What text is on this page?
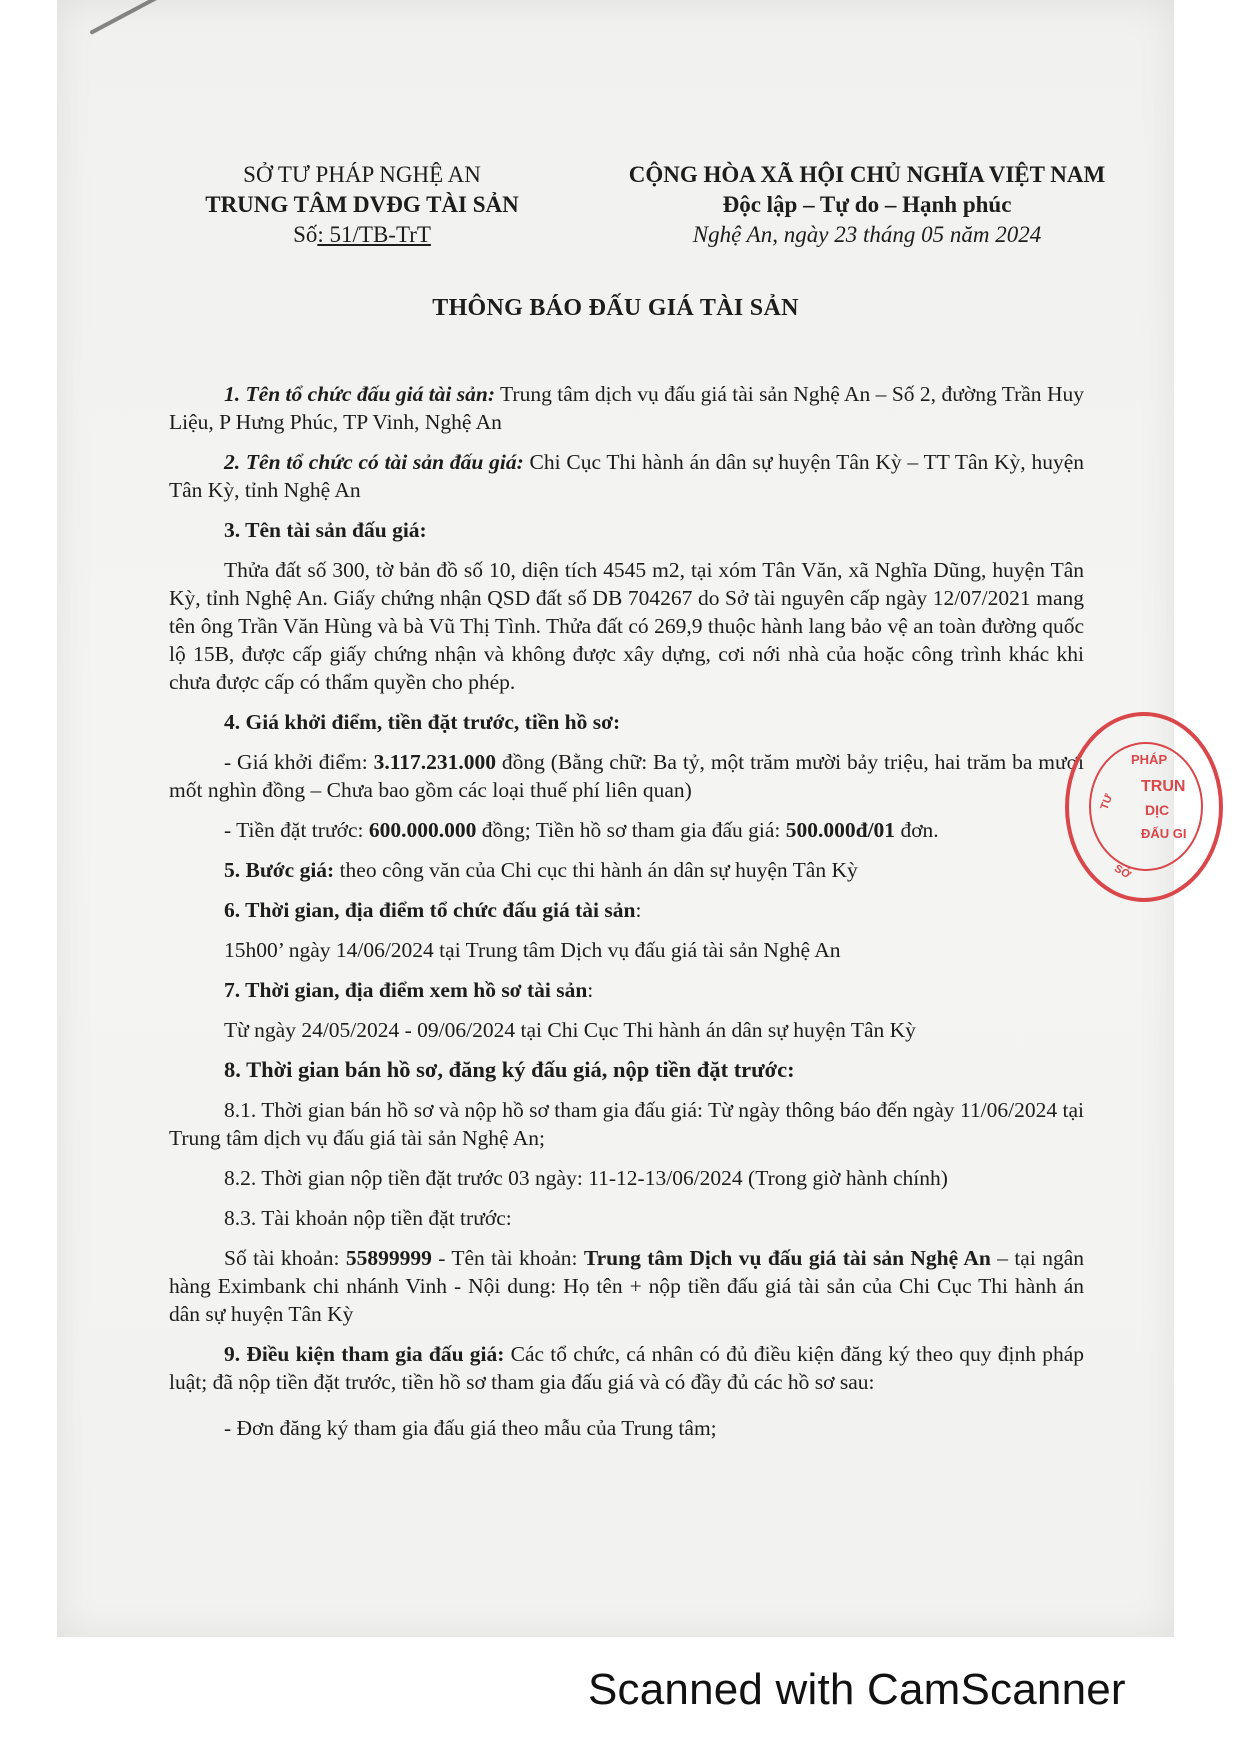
SỞ TƯ PHÁP NGHỆ AN
TRUNG TÂM DVĐG TÀI SẢN
Số: 51/TB-TrT
CỘNG HÒA XÃ HỘI CHỦ NGHĨA VIỆT NAM
Độc lập – Tự do – Hạnh phúc
Nghệ An, ngày 23 tháng 05 năm 2024
THÔNG BÁO ĐẤU GIÁ TÀI SẢN

1. Tên tổ chức đấu giá tài sản: Trung tâm dịch vụ đấu giá tài sản Nghệ An – Số 2, đường Trần Huy Liệu, P Hưng Phúc, TP Vinh, Nghệ An

2. Tên tổ chức có tài sản đấu giá: Chi Cục Thi hành án dân sự huyện Tân Kỳ – TT Tân Kỳ, huyện Tân Kỳ, tỉnh Nghệ An

3. Tên tài sản đấu giá:

Thửa đất số 300, tờ bản đồ số 10, diện tích 4545 m2, tại xóm Tân Văn, xã Nghĩa Dũng, huyện Tân Kỳ, tỉnh Nghệ An. Giấy chứng nhận QSD đất số DB 704267 do Sở tài nguyên cấp ngày 12/07/2021 mang tên ông Trần Văn Hùng và bà Vũ Thị Tình. Thửa đất có 269,9 thuộc hành lang bảo vệ an toàn đường quốc lộ 15B, được cấp giấy chứng nhận và không được xây dựng, cơi nới nhà của hoặc công trình khác khi chưa được cấp có thẩm quyền cho phép.

4. Giá khởi điểm, tiền đặt trước, tiền hồ sơ:

- Giá khởi điểm: 3.117.231.000 đồng (Bằng chữ: Ba tỷ, một trăm mười bảy triệu, hai trăm ba mươi mốt nghìn đồng – Chưa bao gồm các loại thuế phí liên quan)

- Tiền đặt trước: 600.000.000 đồng; Tiền hồ sơ tham gia đấu giá: 500.000đ/01 đơn.

5. Bước giá: theo công văn của Chi cục thi hành án dân sự huyện Tân Kỳ

6. Thời gian, địa điểm tổ chức đấu giá tài sản:

15h00’ ngày 14/06/2024 tại Trung tâm Dịch vụ đấu giá tài sản Nghệ An

7. Thời gian, địa điểm xem hồ sơ tài sản:

Từ ngày 24/05/2024 - 09/06/2024 tại Chi Cục Thi hành án dân sự huyện Tân Kỳ

8. Thời gian bán hồ sơ, đăng ký đấu giá, nộp tiền đặt trước:

8.1. Thời gian bán hồ sơ và nộp hồ sơ tham gia đấu giá: Từ ngày thông báo đến ngày 11/06/2024 tại Trung tâm dịch vụ đấu giá tài sản Nghệ An;

8.2. Thời gian nộp tiền đặt trước 03 ngày: 11-12-13/06/2024 (Trong giờ hành chính)

8.3. Tài khoản nộp tiền đặt trước:

Số tài khoản: 55899999 - Tên tài khoản: Trung tâm Dịch vụ đấu giá tài sản Nghệ An – tại ngân hàng Eximbank chi nhánh Vinh - Nội dung: Họ tên + nộp tiền đấu giá tài sản của Chi Cục Thi hành án dân sự huyện Tân Kỳ

9. Điều kiện tham gia đấu giá: Các tổ chức, cá nhân có đủ điều kiện đăng ký theo quy định pháp luật; đã nộp tiền đặt trước, tiền hồ sơ tham gia đấu giá và có đầy đủ các hồ sơ sau:

- Đơn đăng ký tham gia đấu giá theo mẫu của Trung tâm;

PHÁP
TRUN
DỊC
ĐẤU GI
TƯ
SỞ
Scanned with CamScanner
